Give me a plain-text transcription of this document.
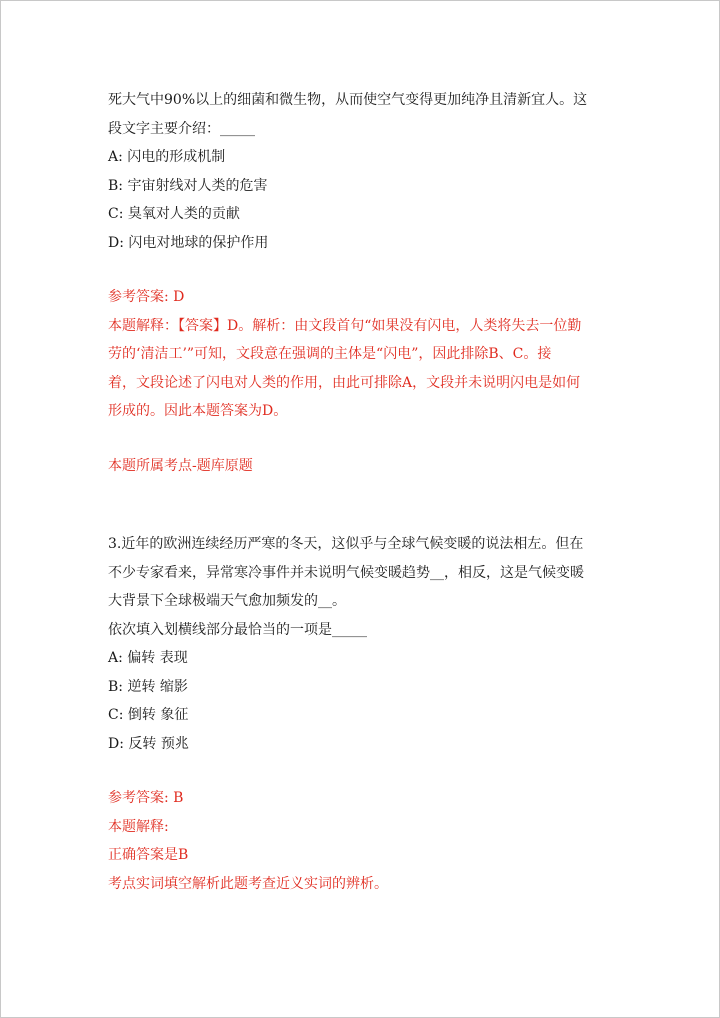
死大气中90%以上的细菌和微生物，从而使空气变得更加纯净且清新宜人。这
段文字主要介绍：_____
A: 闪电的形成机制
B: 宇宙射线对人类的危害
C: 臭氧对人类的贡献
D: 闪电对地球的保护作用
参考答案: D
本题解释：【答案】D。解析：由文段首句“如果没有闪电，人类将失去一位勤
劳的‘清洁工’”可知，文段意在强调的主体是“闪电”，因此排除B、C。接
着，文段论述了闪电对人类的作用，由此可排除A，文段并未说明闪电是如何
形成的。因此本题答案为D。
本题所属考点-题库原题
3.近年的欧洲连续经历严寒的冬天，这似乎与全球气候变暖的说法相左。但在
不少专家看来，异常寒冷事件并未说明气候变暖趋势__，相反，这是气候变暖
大背景下全球极端天气愈加频发的__。
依次填入划横线部分最恰当的一项是_____
A: 偏转 表现
B: 逆转 缩影
C: 倒转 象征
D: 反转 预兆
参考答案: B
本题解释:
正确答案是B
考点实词填空解析此题考查近义实词的辨析。
